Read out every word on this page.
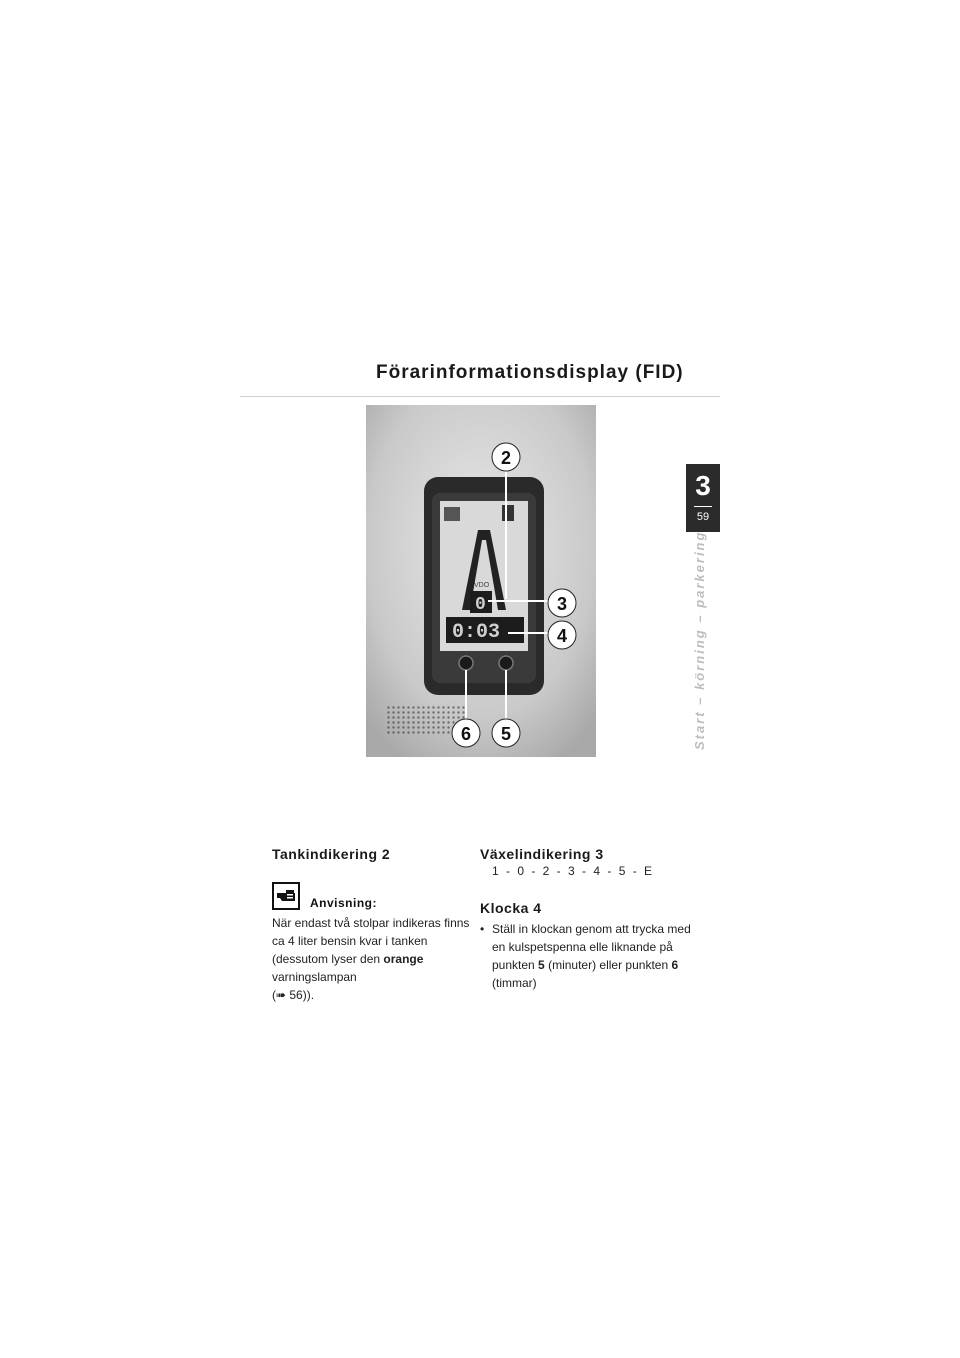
Förarinformationsdisplay (FID)
3
59
Start – körning – parkering
VDO
0
0:03
2
3
4
5
6
Tankindikering 2
Anvisning:
När endast två stolpar indikeras finns ca 4 liter bensin kvar i tanken (dessutom lyser den orange varningslampan
(➠ 56)).
Växelindikering 3
1 - 0 - 2 - 3 - 4 - 5 - E
Klocka 4
• Ställ in klockan genom att trycka med en kulspetspenna elle liknande på punkten 5 (minuter) eller punkten 6
(timmar)
